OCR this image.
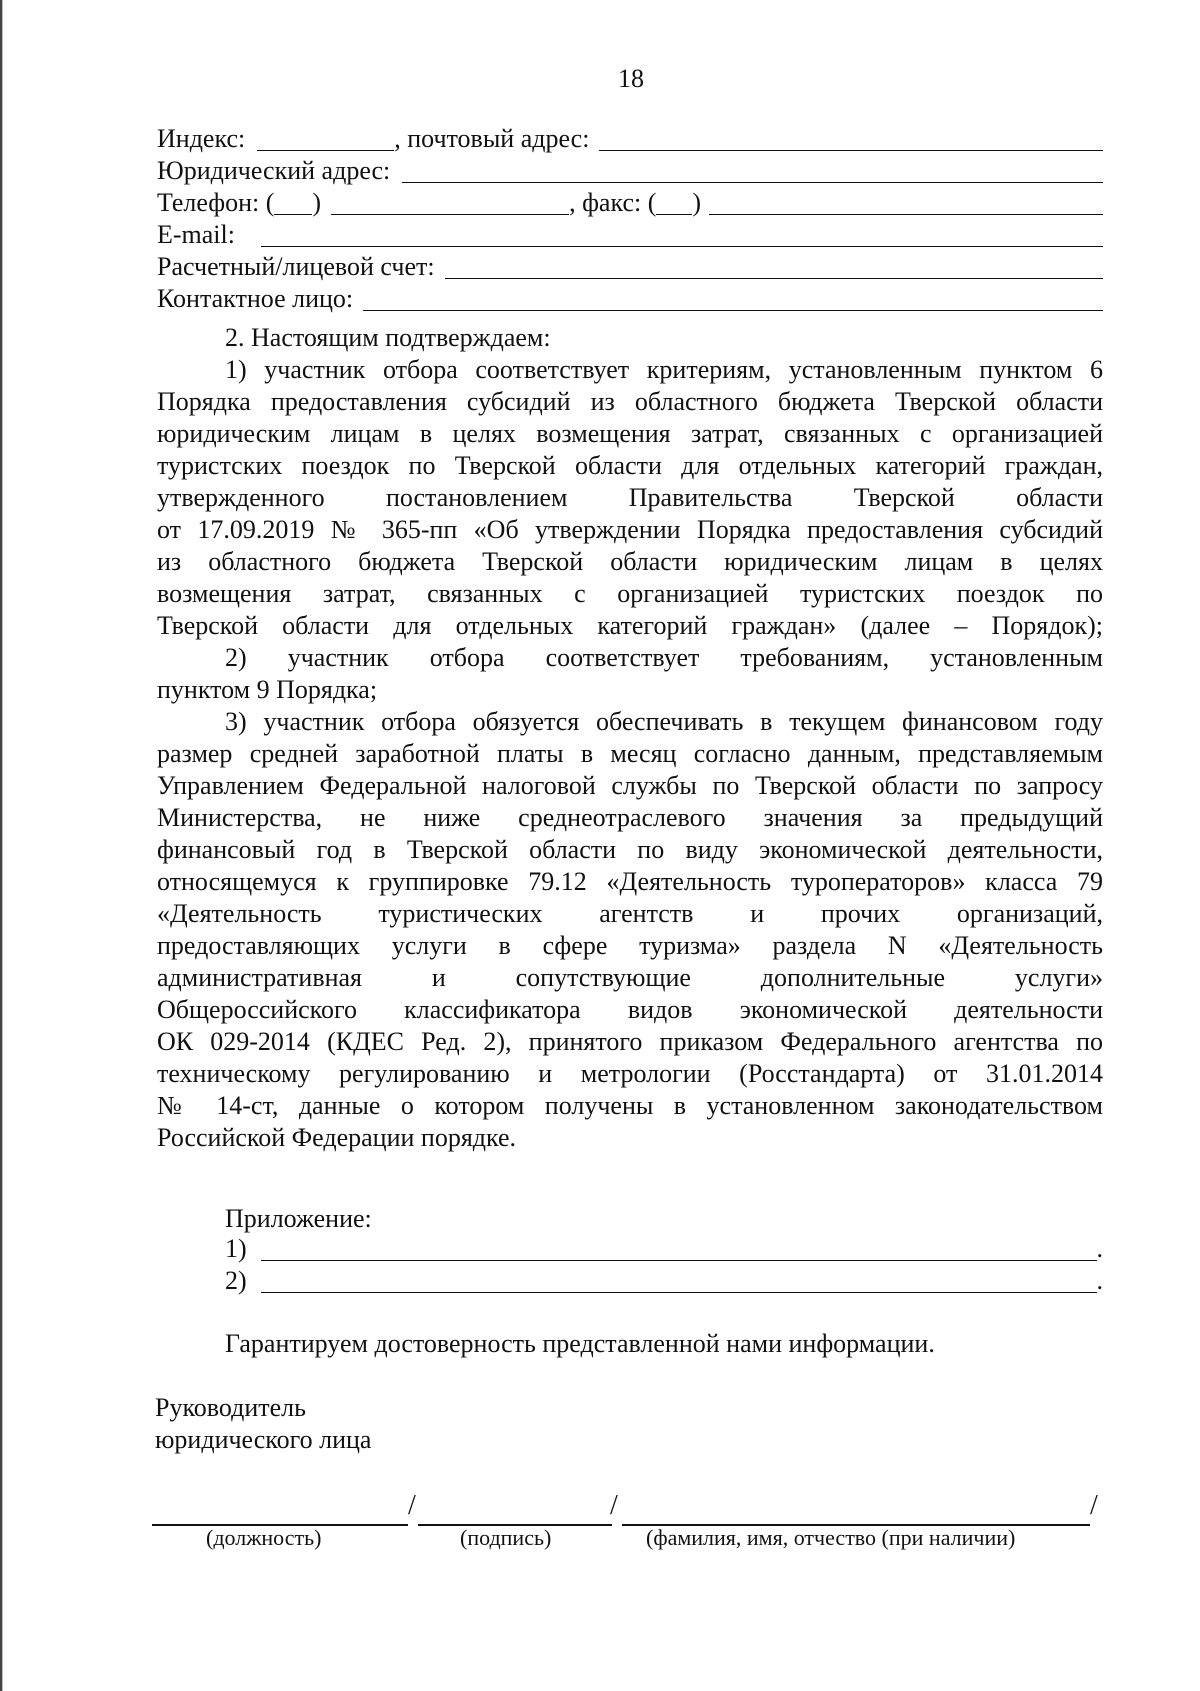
18
Индекс:	, почтовый адрес:
Юридический адрес:
Телефон: ( )	, факс: ( )
E-mail:
Расчетный/лицевой счет:
Контактное лицо:
2. Настоящим подтверждаем:
1) участник отбора соответствует критериям, установленным пунктом 6
Порядка предоставления субсидий из областного бюджета Тверской области
юридическим лицам в целях возмещения затрат, связанных с организацией
туристских поездок по Тверской области для отдельных категорий граждан,
утвержденного постановлением Правительства Тверской области
от 17.09.2019 № 365-пп «Об утверждении Порядка предоставления субсидий
из областного бюджета Тверской области юридическим лицам в целях
возмещения затрат, связанных с организацией туристских поездок по
Тверской области для отдельных категорий граждан» (далее – Порядок);
2) участник отбора соответствует требованиям, установленным
пунктом 9 Порядка;
3) участник отбора обязуется обеспечивать в текущем финансовом году
размер средней заработной платы в месяц согласно данным, представляемым
Управлением Федеральной налоговой службы по Тверской области по запросу
Министерства, не ниже среднеотраслевого значения за предыдущий
финансовый год в Тверской области по виду экономической деятельности,
относящемуся к группировке 79.12 «Деятельность туроператоров» класса 79
«Деятельность туристических агентств и прочих организаций,
предоставляющих услуги в сфере туризма» раздела N «Деятельность
административная и сопутствующие дополнительные услуги»
Общероссийского классификатора видов экономической деятельности
ОК 029-2014 (КДЕС Ред. 2), принятого приказом Федерального агентства по
техническому регулированию и метрологии (Росстандарта) от 31.01.2014
№ 14-ст, данные о котором получены в установленном законодательством
Российской Федерации порядке.
Приложение:
1)	.
2)	.
Гарантируем достоверность представленной нами информации.
Руководитель
юридического лица
/	/	/
(должность)	(подпись)	(фамилия, имя, отчество (при наличии)
